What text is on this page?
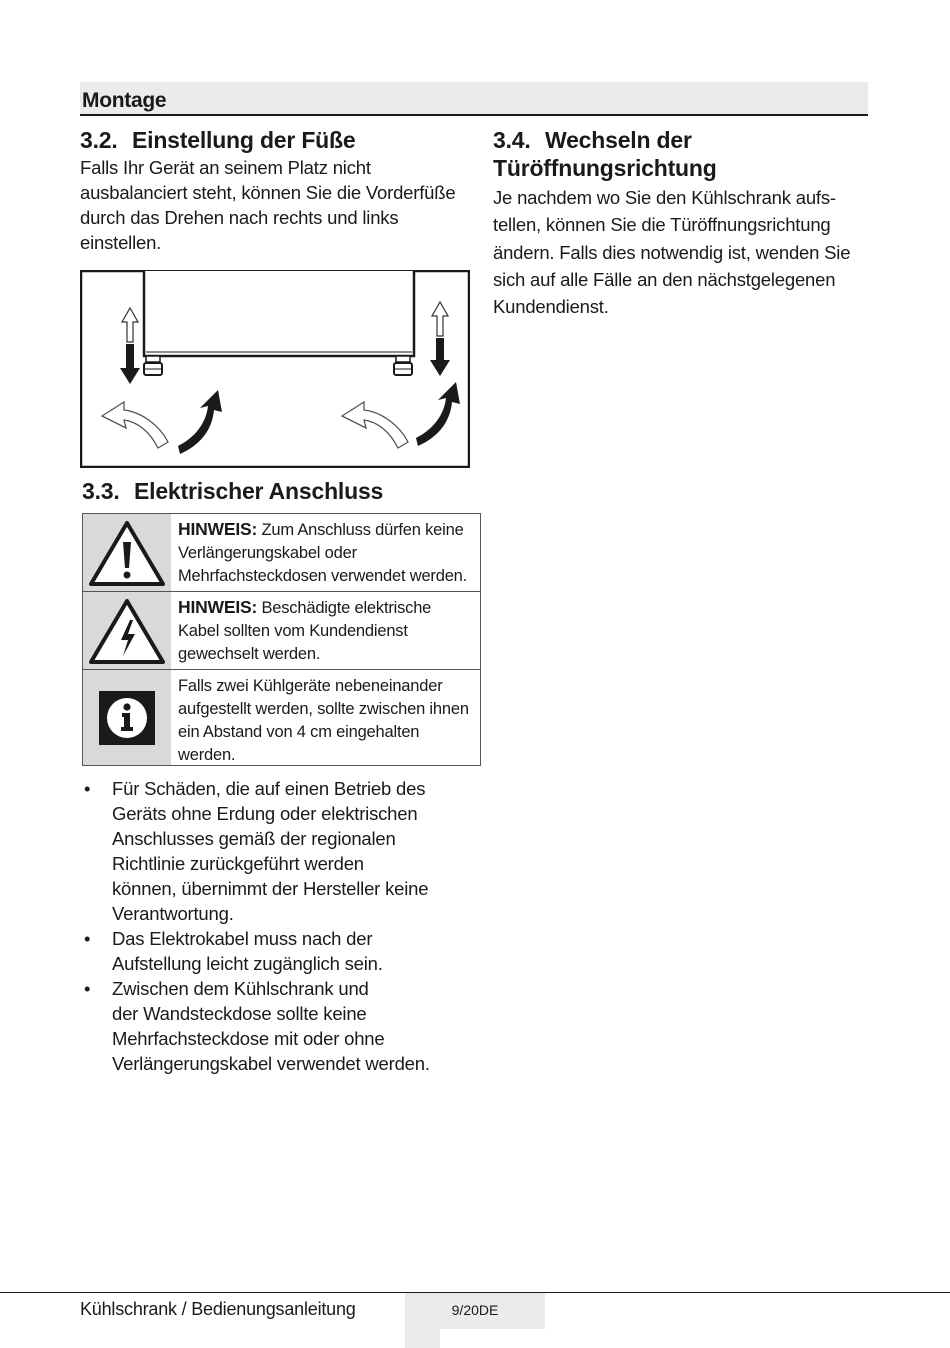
Montage
3.2. Einstellung der Füße
Falls Ihr Gerät an seinem Platz nicht
ausbalanciert steht, können Sie die Vorderfüße
durch das Drehen nach rechts und links
einstellen.
3.3. Elektrischer Anschluss
HINWEIS: Zum Anschluss dürfen keine Verlängerungskabel oder Mehrfachsteckdosen verwendet werden.
HINWEIS: Beschädigte elektrische Kabel sollten vom Kundendienst gewechselt werden.
Falls zwei Kühlgeräte nebeneinander aufgestellt werden, sollte zwischen ihnen ein Abstand von 4 cm eingehalten werden.
• Für Schäden, die auf einen Betrieb des
Geräts ohne Erdung oder elektrischen
Anschlusses gemäß der regionalen
Richtlinie zurückgeführt werden
können, übernimmt der Hersteller keine
Verantwortung.
• Das Elektrokabel muss nach der
Aufstellung leicht zugänglich sein.
• Zwischen dem Kühlschrank und
der Wandsteckdose sollte keine
Mehrfachsteckdose mit oder ohne
Verlängerungskabel verwendet werden.
3.4. Wechseln der
Türöffnungsrichtung
Je nachdem wo Sie den Kühlschrank aufs-
tellen, können Sie die Türöffnungsrichtung
ändern. Falls dies notwendig ist, wenden Sie
sich auf alle Fälle an den nächstgelegenen
Kundendienst.
Kühlschrank / Bedienungsanleitung	9/20DE
